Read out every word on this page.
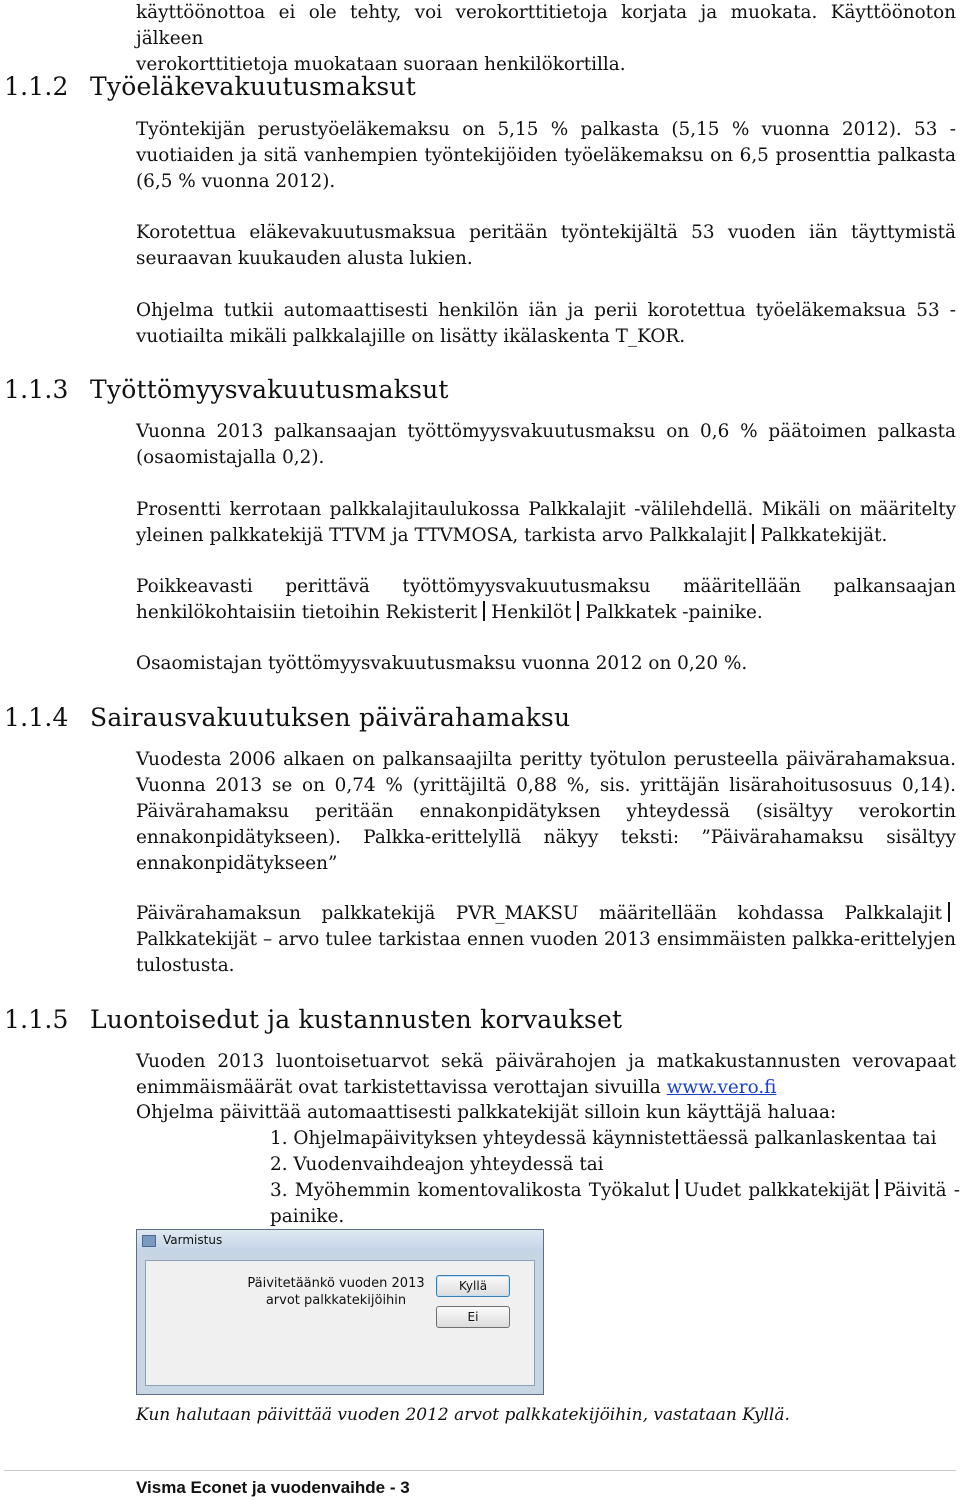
käyttöönottoa ei ole tehty, voi verokorttitietoja korjata ja muokata. Käyttöönoton jälkeen
verokorttitietoja muokataan suoraan henkilökortilla.
1.1.2 Työeläkevakuutusmaksut
Työntekijän perustyöeläkemaksu on 5,15 % palkasta (5,15 % vuonna 2012). 53 - vuotiaiden ja sitä vanhempien työntekijöiden työeläkemaksu on 6,5 prosenttia palkasta (6,5 % vuonna 2012).
Korotettua eläkevakuutusmaksua peritään työntekijältä 53 vuoden iän täyttymistä seuraavan kuukauden alusta lukien.
Ohjelma tutkii automaattisesti henkilön iän ja perii korotettua työeläkemaksua 53 - vuotiailta mikäli palkkalajille on lisätty ikälaskenta T_KOR.
1.1.3 Työttömyysvakuutusmaksut
Vuonna 2013 palkansaajan työttömyysvakuutusmaksu on 0,6 % päätoimen palkasta (osaomistajalla 0,2).
Prosentti kerrotaan palkkalajitaulukossa Palkkalajit -välilehdellä. Mikäli on määritelty yleinen palkkatekijä TTVM ja TTVMOSA, tarkista arvo Palkkalajit Palkkatekijät.
Poikkeavasti perittävä työttömyysvakuutusmaksu määritellään palkansaajan henkilökohtaisiin tietoihin Rekisterit Henkilöt Palkkatek -painike.
Osaomistajan työttömyysvakuutusmaksu vuonna 2012 on 0,20 %.
1.1.4 Sairausvakuutuksen päivärahamaksu
Vuodesta 2006 alkaen on palkansaajilta peritty työtulon perusteella päivärahamaksua. Vuonna 2013 se on 0,74 % (yrittäjiltä 0,88 %, sis. yrittäjän lisärahoitusosuus 0,14). Päivärahamaksu peritään ennakonpidätyksen yhteydessä (sisältyy verokortin ennakonpidätykseen). Palkka-erittelyllä näkyy teksti: ”Päivärahamaksu sisältyy ennakonpidätykseen”
Päivärahamaksun palkkatekijä PVR_MAKSU määritellään kohdassa PalkkalajitPalkkatekijät – arvo tulee tarkistaa ennen vuoden 2013 ensimmäisten palkka-erittelyjen tulostusta.
1.1.5 Luontoisedut ja kustannusten korvaukset
Vuoden 2013 luontoisetuarvot sekä päivärahojen ja matkakustannusten verovapaat enimmäismäärät ovat tarkistettavissa verottajan sivuilla www.vero.fi
Ohjelma päivittää automaattisesti palkkatekijät silloin kun käyttäjä haluaa:
1. Ohjelmapäivityksen yhteydessä käynnistettäessä palkanlaskentaa tai
2. Vuodenvaihdeajon yhteydessä tai
3. Myöhemmin komentovalikosta Työkalut Uudet palkkatekijät Päivitä - painike.
Varmistus
Päivitetäänkö vuoden 2013
arvot palkkatekijöihin
Kyllä
Ei
Kun halutaan päivittää vuoden 2012 arvot palkkatekijöihin, vastataan Kyllä.
Visma Econet ja vuodenvaihde - 3
